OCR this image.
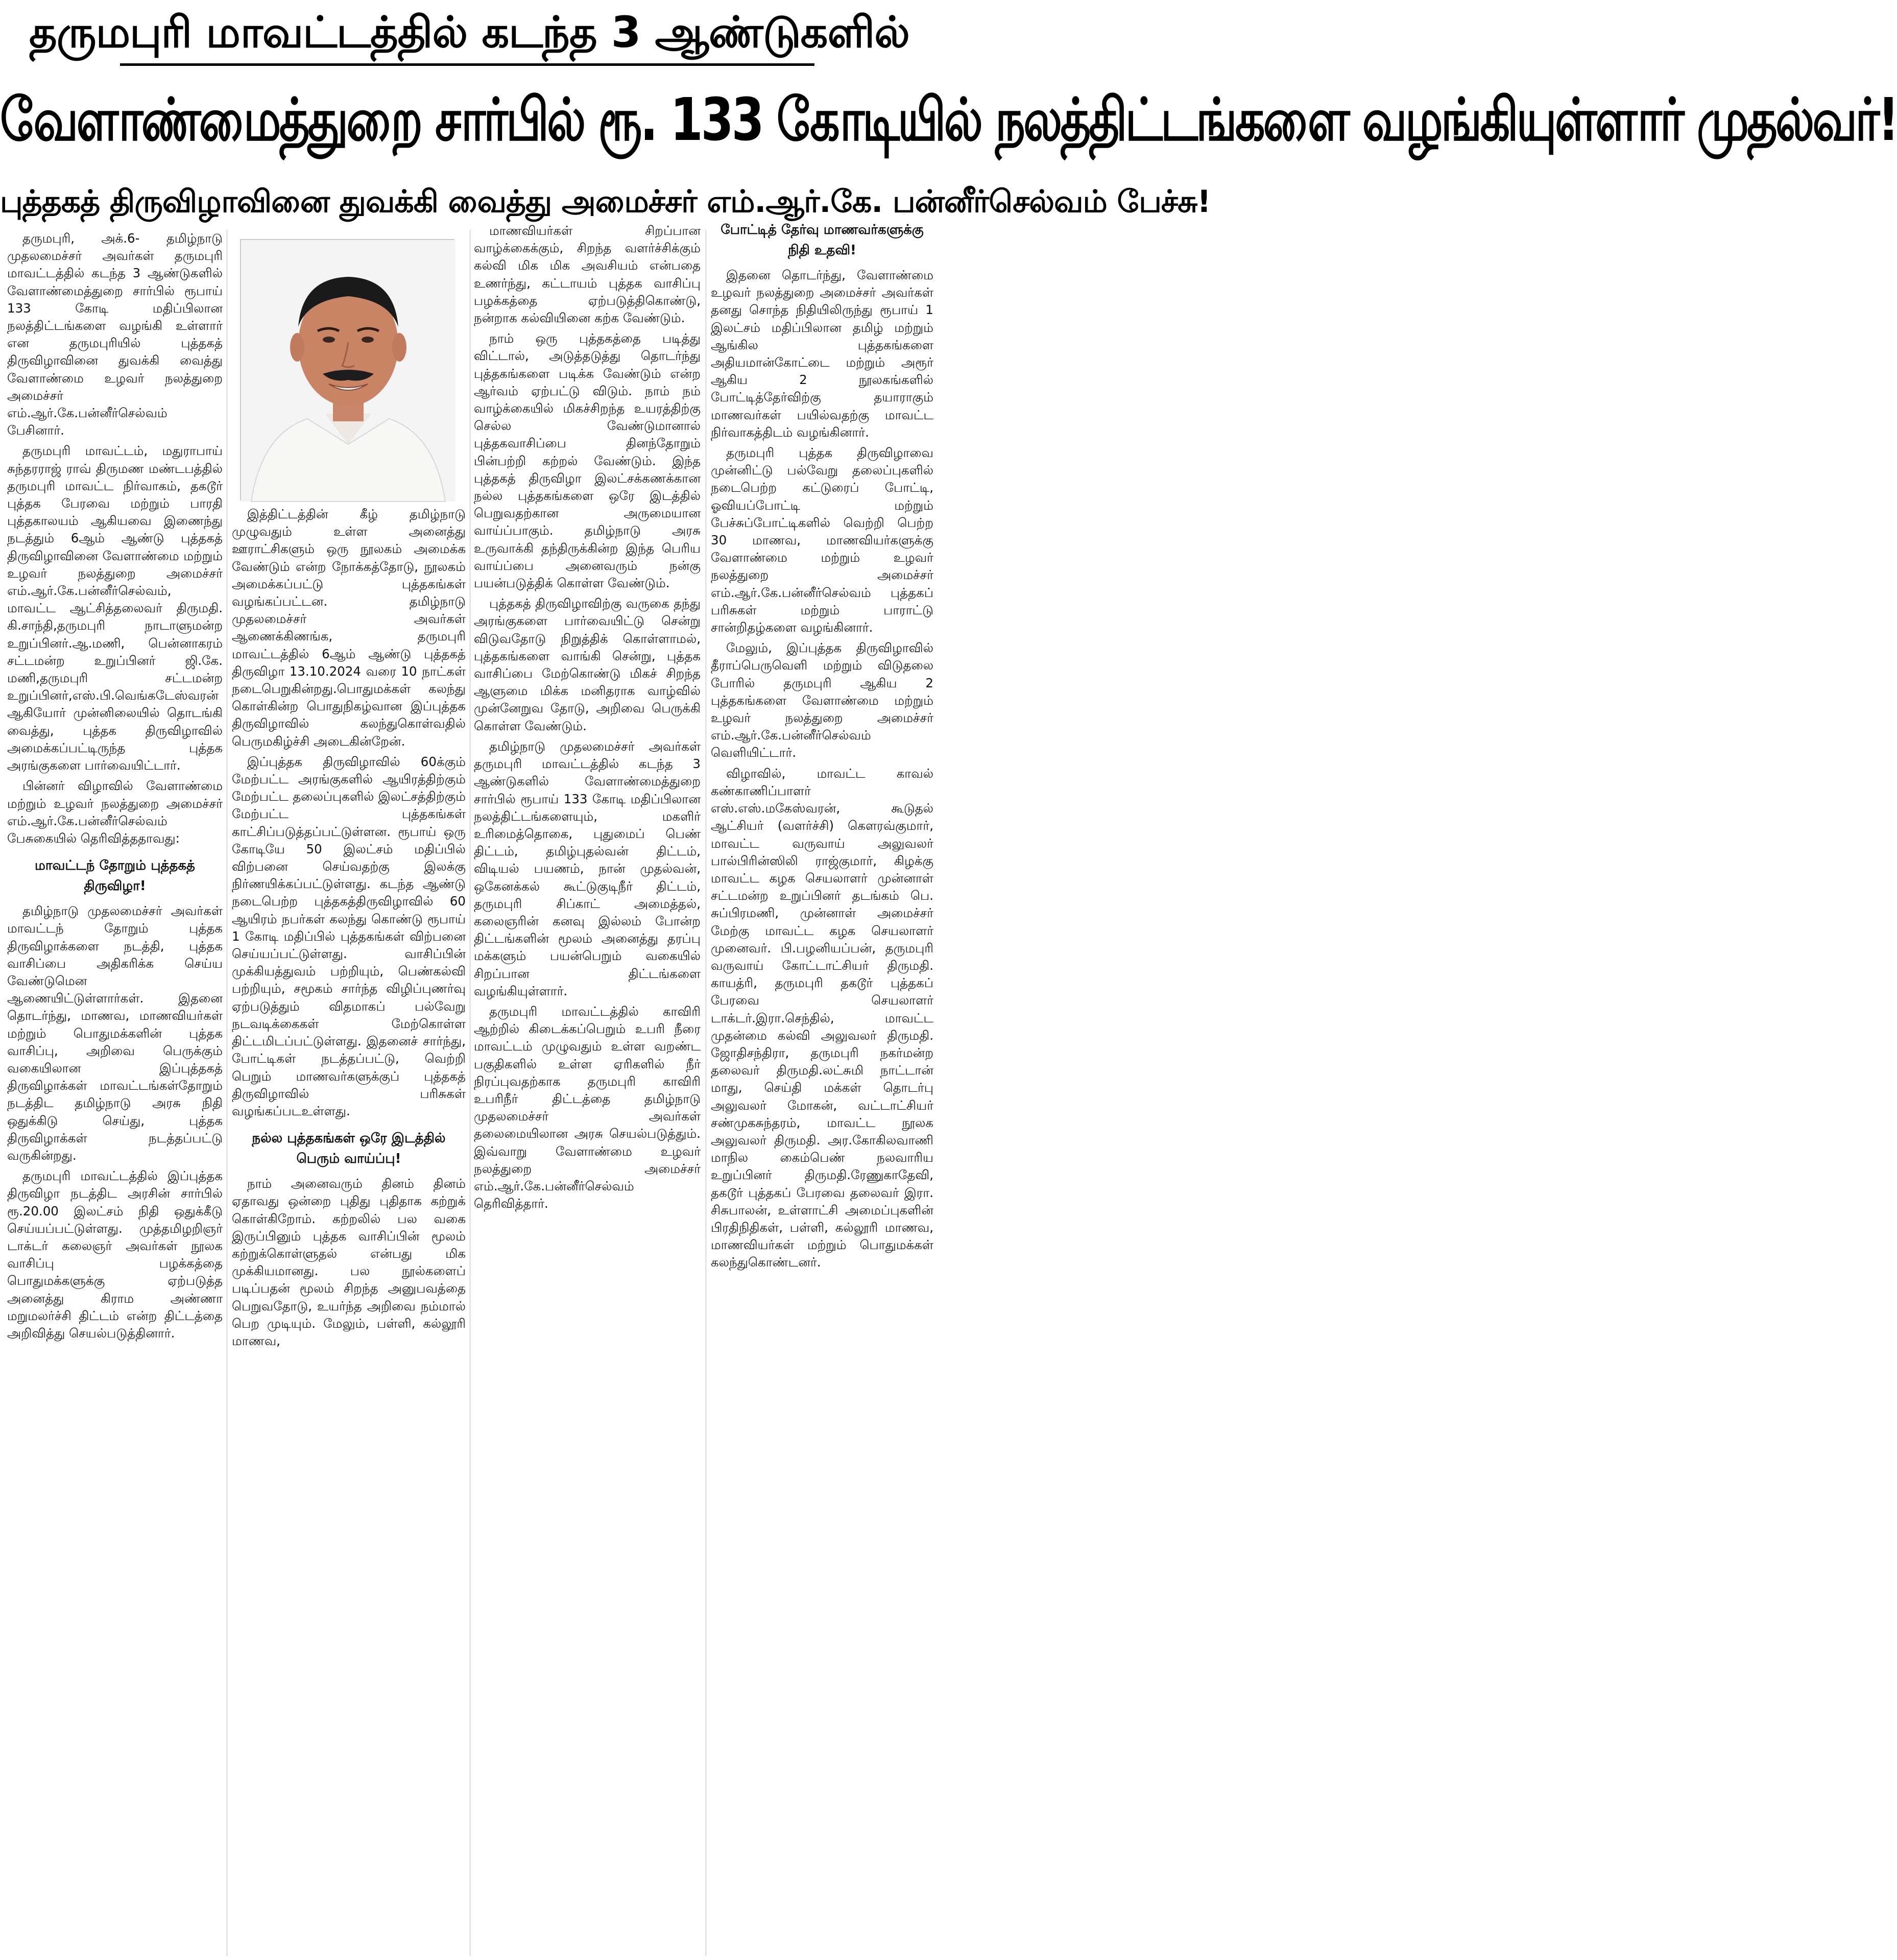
தருமபுரி மாவட்டத்தில் கடந்த 3 ஆண்டுகளில்
வேளாண்மைத்துறை சார்பில் ரூ. 133 கோடியில் நலத்திட்டங்களை வழங்கியுள்ளார் முதல்வர்!
புத்தகத் திருவிழாவினை துவக்கி வைத்து அமைச்சர் எம்.ஆர்.கே. பன்னீர்செல்வம் பேச்சு!

தருமபுரி, அக்.6- தமிழ்நாடு முதலமைச்சர் அவர்கள் தருமபுரி மாவட்டத்தில் கடந்த 3 ஆண்டுகளில் வேளாண்மைத்துறை சார்பில் ரூபாய் 133 கோடி மதிப்பிலான நலத்திட்டங்களை வழங்கி உள்ளார் என தருமபுரியில் புத்தகத் திருவிழாவினை துவக்கி வைத்து வேளாண்மை உழவர் நலத்துறை அமைச்சர் எம்.ஆர்.கே.பன்னீர்செல்வம் பேசினார்.

தருமபுரி மாவட்டம், மதுராபாய் சுந்தரராஜ் ராவ் திருமண மண்டபத்தில் தருமபுரி மாவட்ட நிர்வாகம், தகடூர் புத்தக பேரவை மற்றும் பாரதி புத்தகாலயம் ஆகியவை இணைந்து நடத்தும் 6ஆம் ஆண்டு புத்தகத் திருவிழாவினை வேளாண்மை மற்றும் உழவர் நலத்துறை அமைச்சர் எம்.ஆர்.கே.பன்னீர்செல்வம், மாவட்ட ஆட்சித்தலைவர் திருமதி. கி.சாந்தி,தருமபுரி நாடாளுமன்ற உறுப்பினர்.ஆ.மணி, பென்னாகரம் சட்டமன்ற உறுப்பினர் ஜி.கே. மணி,தருமபுரி சட்டமன்ற உறுப்பினர்,எஸ்.பி.வெங்கடேஸ்வரன் ஆகியோர் முன்னிலையில் தொடங்கி வைத்து, புத்தக திருவிழாவில் அமைக்கப்பட்டிருந்த புத்தக அரங்குகளை பார்வையிட்டார்.

பின்னர் விழாவில் வேளாண்மை மற்றும் உழவர் நலத்துறை அமைச்சர் எம்.ஆர்.கே.பன்னீர்செல்வம் பேசுகையில் தெரிவித்ததாவது:

மாவட்டந் தோறும் புத்தகத் திருவிழா!

தமிழ்நாடு முதலமைச்சர் அவர்கள் மாவட்டந் தோறும் புத்தக திருவிழாக்களை நடத்தி, புத்தக வாசிப்பை அதிகரிக்க செய்ய வேண்டுமென ஆணையிட்டுள்ளார்கள். இதனை தொடர்ந்து, மாணவ, மாணவியர்கள் மற்றும் பொதுமக்களின் புத்தக வாசிப்பு, அறிவை பெருக்கும் வகையிலான இப்புத்தகத் திருவிழாக்கள் மாவட்டங்கள்தோறும் நடத்திட தமிழ்நாடு அரசு நிதி ஒதுக்கிடு செய்து, புத்தக திருவிழாக்கள் நடத்தப்பட்டு வருகின்றது.

தருமபுரி மாவட்டத்தில் இப்புத்தக திருவிழா நடத்திட அரசின் சார்பில் ரூ.20.00 இலட்சம் நிதி ஒதுக்கீடு செய்யப்பட்டுள்ளது. முத்தமிழறிஞர் டாக்டர் கலைஞர் அவர்கள் நூலக வாசிப்பு பழக்கத்தை பொதுமக்களுக்கு ஏற்படுத்த அனைத்து கிராம அண்ணா மறுமலர்ச்சி திட்டம் என்ற திட்டத்தை அறிவித்து செயல்படுத்தினார்.

இத்திட்டத்தின் கீழ் தமிழ்நாடு முழுவதும் உள்ள அனைத்து ஊராட்சிகளும் ஒரு நூலகம் அமைக்க வேண்டும் என்ற நோக்கத்தோடு, நூலகம் அமைக்கப்பட்டு புத்தகங்கள் வழங்கப்பட்டன. தமிழ்நாடு முதலமைச்சர் அவர்கள் ஆணைக்கிணங்க, தருமபுரி மாவட்டத்தில் 6ஆம் ஆண்டு புத்தகத் திருவிழா 13.10.2024 வரை 10 நாட்கள் நடைபெறுகின்றது.பொதுமக்கள் கலந்து கொள்கின்ற பொதுநிகழ்வான இப்புத்தக திருவிழாவில் கலந்துகொள்வதில் பெருமகிழ்ச்சி அடைகின்றேன்.

இப்புத்தக திருவிழாவில் 60க்கும் மேற்பட்ட அரங்குகளில் ஆயிரத்திற்கும் மேற்பட்ட தலைப்புகளில் இலட்சத்திற்கும் மேற்பட்ட புத்தகங்கள் காட்சிப்படுத்தப்பட்டுள்ளன. ரூபாய் ஒரு கோடியே 50 இலட்சம் மதிப்பில் விற்பனை செய்வதற்கு இலக்கு நிர்ணயிக்கப்பட்டுள்ளது. கடந்த ஆண்டு நடைபெற்ற புத்தகத்திருவிழாவில் 60 ஆயிரம் நபர்கள் கலந்து கொண்டு ரூபாய் 1 கோடி மதிப்பில் புத்தகங்கள் விற்பனை செய்யப்பட்டுள்ளது. வாசிப்பின் முக்கியத்துவம் பற்றியும், பெண்கல்வி பற்றியும், சமூகம் சார்ந்த விழிப்புணர்வு ஏற்படுத்தும் விதமாகப் பல்வேறு நடவடிக்கைகள் மேற்கொள்ள திட்டமிடப்பட்டுள்ளது. இதனைச் சார்ந்து, போட்டிகள் நடத்தப்பட்டு, வெற்றி பெறும் மாணவர்களுக்குப் புத்தகத் திருவிழாவில் பரிசுகள் வழங்கப்படஉள்ளது.

நல்ல புத்தகங்கள் ஒரே இடத்தில் பெரும் வாய்ப்பு!

நாம் அனைவரும் தினம் தினம் ஏதாவது ஒன்றை புதிது புதிதாக கற்றுக் கொள்கிறோம். கற்றலில் பல வகை இருப்பினும் புத்தக வாசிப்பின் மூலம் கற்றுக்கொள்ளுதல் என்பது மிக முக்கியமானது. பல நூல்களைப் படிப்பதன் மூலம் சிறந்த அனுபவத்தை பெறுவதோடு, உயர்ந்த அறிவை நம்மால் பெற முடியும். மேலும், பள்ளி, கல்லூரி மாணவ,

மாணவியர்கள் சிறப்பான வாழ்க்கைக்கும், சிறந்த வளர்ச்சிக்கும் கல்வி மிக மிக அவசியம் என்பதை உணர்ந்து, கட்டாயம் புத்தக வாசிப்பு பழக்கத்தை ஏற்படுத்திகொண்டு, நன்றாக கல்வியினை கற்க வேண்டும்.

நாம் ஒரு புத்தகத்தை படித்து விட்டால், அடுத்தடுத்து தொடர்ந்து புத்தகங்களை படிக்க வேண்டும் என்ற ஆர்வம் ஏற்பட்டு விடும். நாம் நம் வாழ்க்கையில் மிகச்சிறந்த உயரத்திற்கு செல்ல வேண்டுமானால் புத்தகவாசிப்பை தினந்தோறும் பின்பற்றி கற்றல் வேண்டும். இந்த புத்தகத் திருவிழா இலட்சக்கணக்கான நல்ல புத்தகங்களை ஒரே இடத்தில் பெறுவதற்கான அருமையான வாய்ப்பாகும். தமிழ்நாடு அரசு உருவாக்கி தந்திருக்கின்ற இந்த பெரிய வாய்ப்பை அனைவரும் நன்கு பயன்படுத்திக் கொள்ள வேண்டும்.

புத்தகத் திருவிழாவிற்கு வருகை தந்து அரங்குகளை பார்வையிட்டு சென்று விடுவதோடு நிறுத்திக் கொள்ளாமல், புத்தகங்களை வாங்கி சென்று, புத்தக வாசிப்பை மேற்கொண்டு மிகச் சிறந்த ஆளுமை மிக்க மனிதராக வாழ்வில் முன்னேறுவ தோடு, அறிவை பெருக்கி கொள்ள வேண்டும்.

தமிழ்நாடு முதலமைச்சர் அவர்கள் தருமபுரி மாவட்டத்தில் கடந்த 3 ஆண்டுகளில் வேளாண்மைத்துறை சார்பில் ரூபாய் 133 கோடி மதிப்பிலான நலத்திட்டங்களையும், மகளிர் உரிமைத்தொகை, புதுமைப் பெண் திட்டம், தமிழ்புதல்வன் திட்டம், விடியல் பயணம், நான் முதல்வன், ஒகேனக்கல் கூட்டுகுடிநீர் திட்டம், தருமபுரி சிப்காட் அமைத்தல், கலைஞரின் கனவு இல்லம் போன்ற திட்டங்களின் மூலம் அனைத்து தரப்பு மக்களும் பயன்பெறும் வகையில் சிறப்பான திட்டங்களை வழங்கியுள்ளார்.

தருமபுரி மாவட்டத்தில் காவிரி ஆற்றில் கிடைக்கப்பெறும் உபரி நீரை மாவட்டம் முழுவதும் உள்ள வறண்ட பகுதிகளில் உள்ள ஏரிகளில் நீர் நிரப்புவதற்காக தருமபுரி காவிரி உபரிநீர் திட்டத்தை தமிழ்நாடு முதலமைச்சர் அவர்கள் தலைமையிலான அரசு செயல்படுத்தும். இவ்வாறு வேளாண்மை உழவர் நலத்துறை அமைச்சர் எம்.ஆர்.கே.பன்னீர்செல்வம் தெரிவித்தார்.

போட்டித் தேர்வு மாணவர்களுக்கு நிதி உதவி!

இதனை தொடர்ந்து, வேளாண்மை உழவர் நலத்துறை அமைச்சர் அவர்கள் தனது சொந்த நிதியிலிருந்து ரூபாய் 1 இலட்சம் மதிப்பிலான தமிழ் மற்றும் ஆங்கில புத்தகங்களை அதியமான்கோட்டை மற்றும் அரூர் ஆகிய 2 நூலகங்களில் போட்டித்தேர்விற்கு தயாராகும் மாணவர்கள் பயில்வதற்கு மாவட்ட நிர்வாகத்திடம் வழங்கினார்.

தருமபுரி புத்தக திருவிழாவை முன்னிட்டு பல்வேறு தலைப்புகளில் நடைபெற்ற கட்டுரைப் போட்டி, ஓவியப்போட்டி மற்றும் பேச்சுப்போட்டிகளில் வெற்றி பெற்ற 30 மாணவ, மாணவியர்களுக்கு வேளாண்மை மற்றும் உழவர் நலத்துறை அமைச்சர் எம்.ஆர்.கே.பன்னீர்செல்வம் புத்தகப் பரிசுகள் மற்றும் பாராட்டு சான்றிதழ்களை வழங்கினார்.

மேலும், இப்புத்தக திருவிழாவில் தீராப்பெருவெளி மற்றும் விடுதலை போரில் தருமபுரி ஆகிய 2 புத்தகங்களை வேளாண்மை மற்றும் உழவர் நலத்துறை அமைச்சர் எம்.ஆர்.கே.பன்னீர்செல்வம் வெளியிட்டார்.

விழாவில், மாவட்ட காவல் கண்காணிப்பாளர் எஸ்.எஸ்.மகேஸ்வரன், கூடுதல் ஆட்சியர் (வளர்ச்சி) கௌரவ்குமார், மாவட்ட வருவாய் அலுவலர் பால்பிரின்ஸிலி ராஜ்குமார், கிழக்கு மாவட்ட கழக செயலாளர் முன்னாள் சட்டமன்ற உறுப்பினர் தடங்கம் பெ. சுப்பிரமணி, முன்னாள் அமைச்சர் மேற்கு மாவட்ட கழக செயலாளர் முனைவர். பி.பழனியப்பன், தருமபுரி வருவாய் கோட்டாட்சியர் திருமதி. காயத்ரி, தருமபுரி தகடூர் புத்தகப் பேரவை செயலாளர் டாக்டர்.இரா.செந்தில், மாவட்ட முதன்மை கல்வி அலுவலர் திருமதி. ஜோதிசந்திரா, தருமபுரி நகர்மன்ற தலைவர் திருமதி.லட்சுமி நாட்டான் மாது, செய்தி மக்கள் தொடர்பு அலுவலர் மோகன், வட்டாட்சியர் சண்முகசுந்தரம், மாவட்ட நூலக அலுவலர் திருமதி. அர.கோகிலவாணி மாநில கைம்பெண் நலவாரிய உறுப்பினர் திருமதி.ரேணுகாதேவி, தகடூர் புத்தகப் பேரவை தலைவர் இரா. சிசுபாலன், உள்ளாட்சி அமைப்புகளின் பிரதிநிதிகள், பள்ளி, கல்லூரி மாணவ, மாணவியர்கள் மற்றும் பொதுமக்கள் கலந்துகொண்டனர்.
